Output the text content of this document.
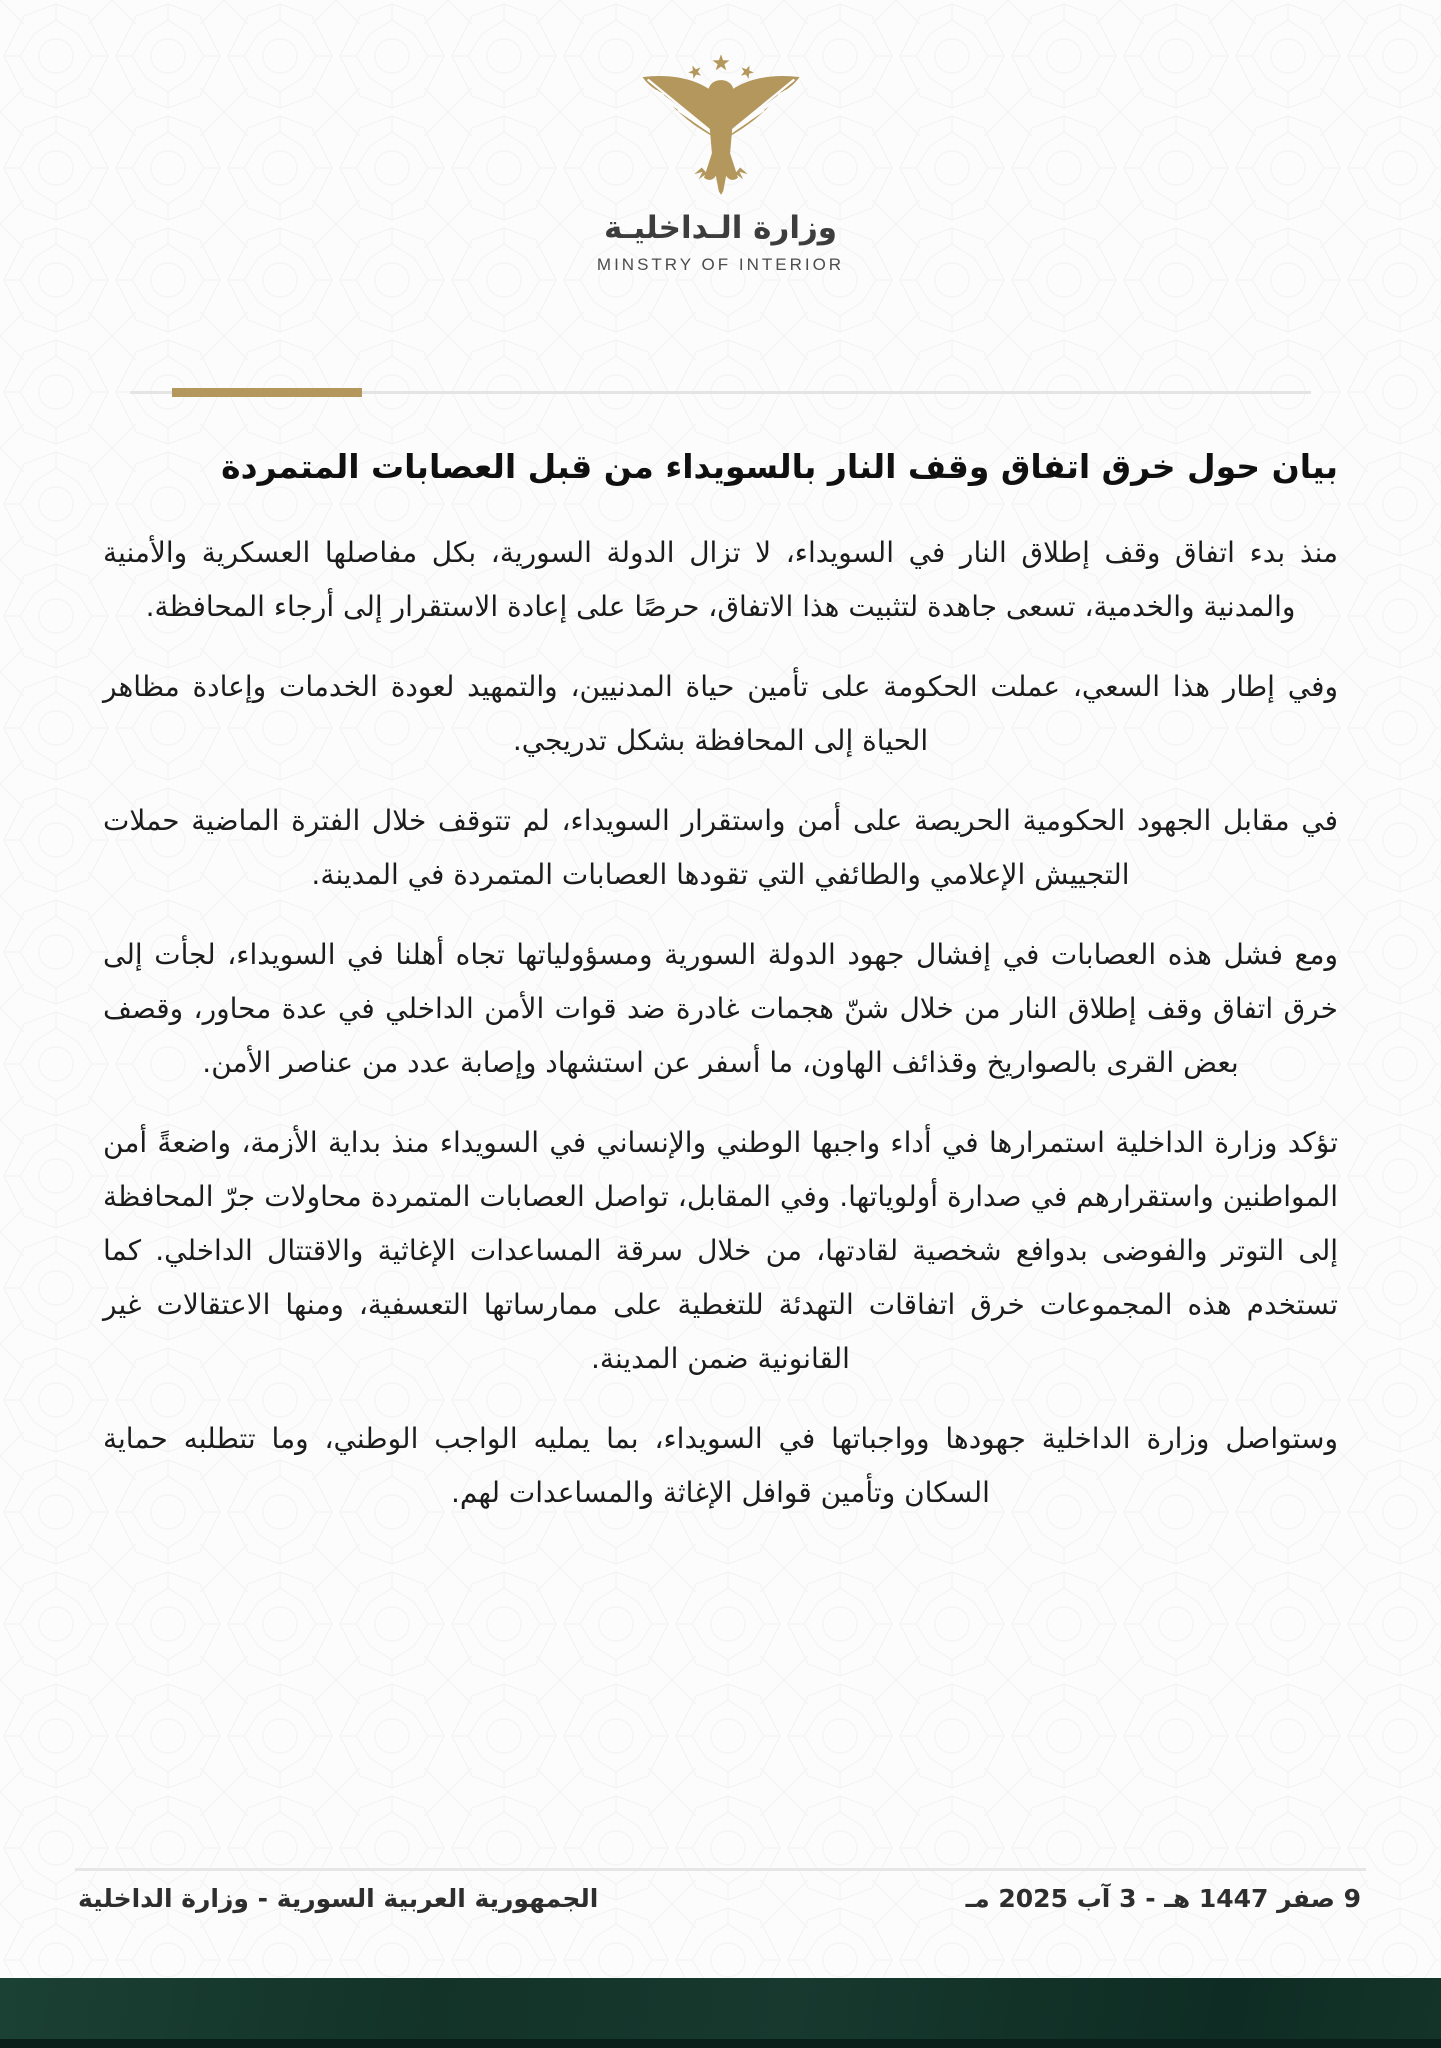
وزارة الـداخليـة
MINSTRY OF INTERIOR
بيان حول خرق اتفاق وقف النار بالسويداء من قبل العصابات المتمردة

منذ بدء اتفاق وقف إطلاق النار في السويداء، لا تزال الدولة السورية، بكل مفاصلها العسكرية والأمنية والمدنية والخدمية، تسعى جاهدة لتثبيت هذا الاتفاق، حرصًا على إعادة الاستقرار إلى أرجاء المحافظة.

وفي إطار هذا السعي، عملت الحكومة على تأمين حياة المدنيين، والتمهيد لعودة الخدمات وإعادة مظاهر الحياة إلى المحافظة بشكل تدريجي.

في مقابل الجهود الحكومية الحريصة على أمن واستقرار السويداء، لم تتوقف خلال الفترة الماضية حملات التجييش الإعلامي والطائفي التي تقودها العصابات المتمردة في المدينة.

ومع فشل هذه العصابات في إفشال جهود الدولة السورية ومسؤولياتها تجاه أهلنا في السويداء، لجأت إلى خرق اتفاق وقف إطلاق النار من خلال شنّ هجمات غادرة ضد قوات الأمن الداخلي في عدة محاور، وقصف بعض القرى بالصواريخ وقذائف الهاون، ما أسفر عن استشهاد وإصابة عدد من عناصر الأمن.

تؤكد وزارة الداخلية استمرارها في أداء واجبها الوطني والإنساني في السويداء منذ بداية الأزمة، واضعةً أمن المواطنين واستقرارهم في صدارة أولوياتها. وفي المقابل، تواصل العصابات المتمردة محاولات جرّ المحافظة إلى التوتر والفوضى بدوافع شخصية لقادتها، من خلال سرقة المساعدات الإغاثية والاقتتال الداخلي. كما تستخدم هذه المجموعات خرق اتفاقات التهدئة للتغطية على ممارساتها التعسفية، ومنها الاعتقالات غير القانونية ضمن المدينة.

وستواصل وزارة الداخلية جهودها وواجباتها في السويداء، بما يمليه الواجب الوطني، وما تتطلبه حماية السكان وتأمين قوافل الإغاثة والمساعدات لهم.

9 صفر 1447 هـ - 3 آب 2025 مـ
الجمهورية العربية السورية - وزارة الداخلية
